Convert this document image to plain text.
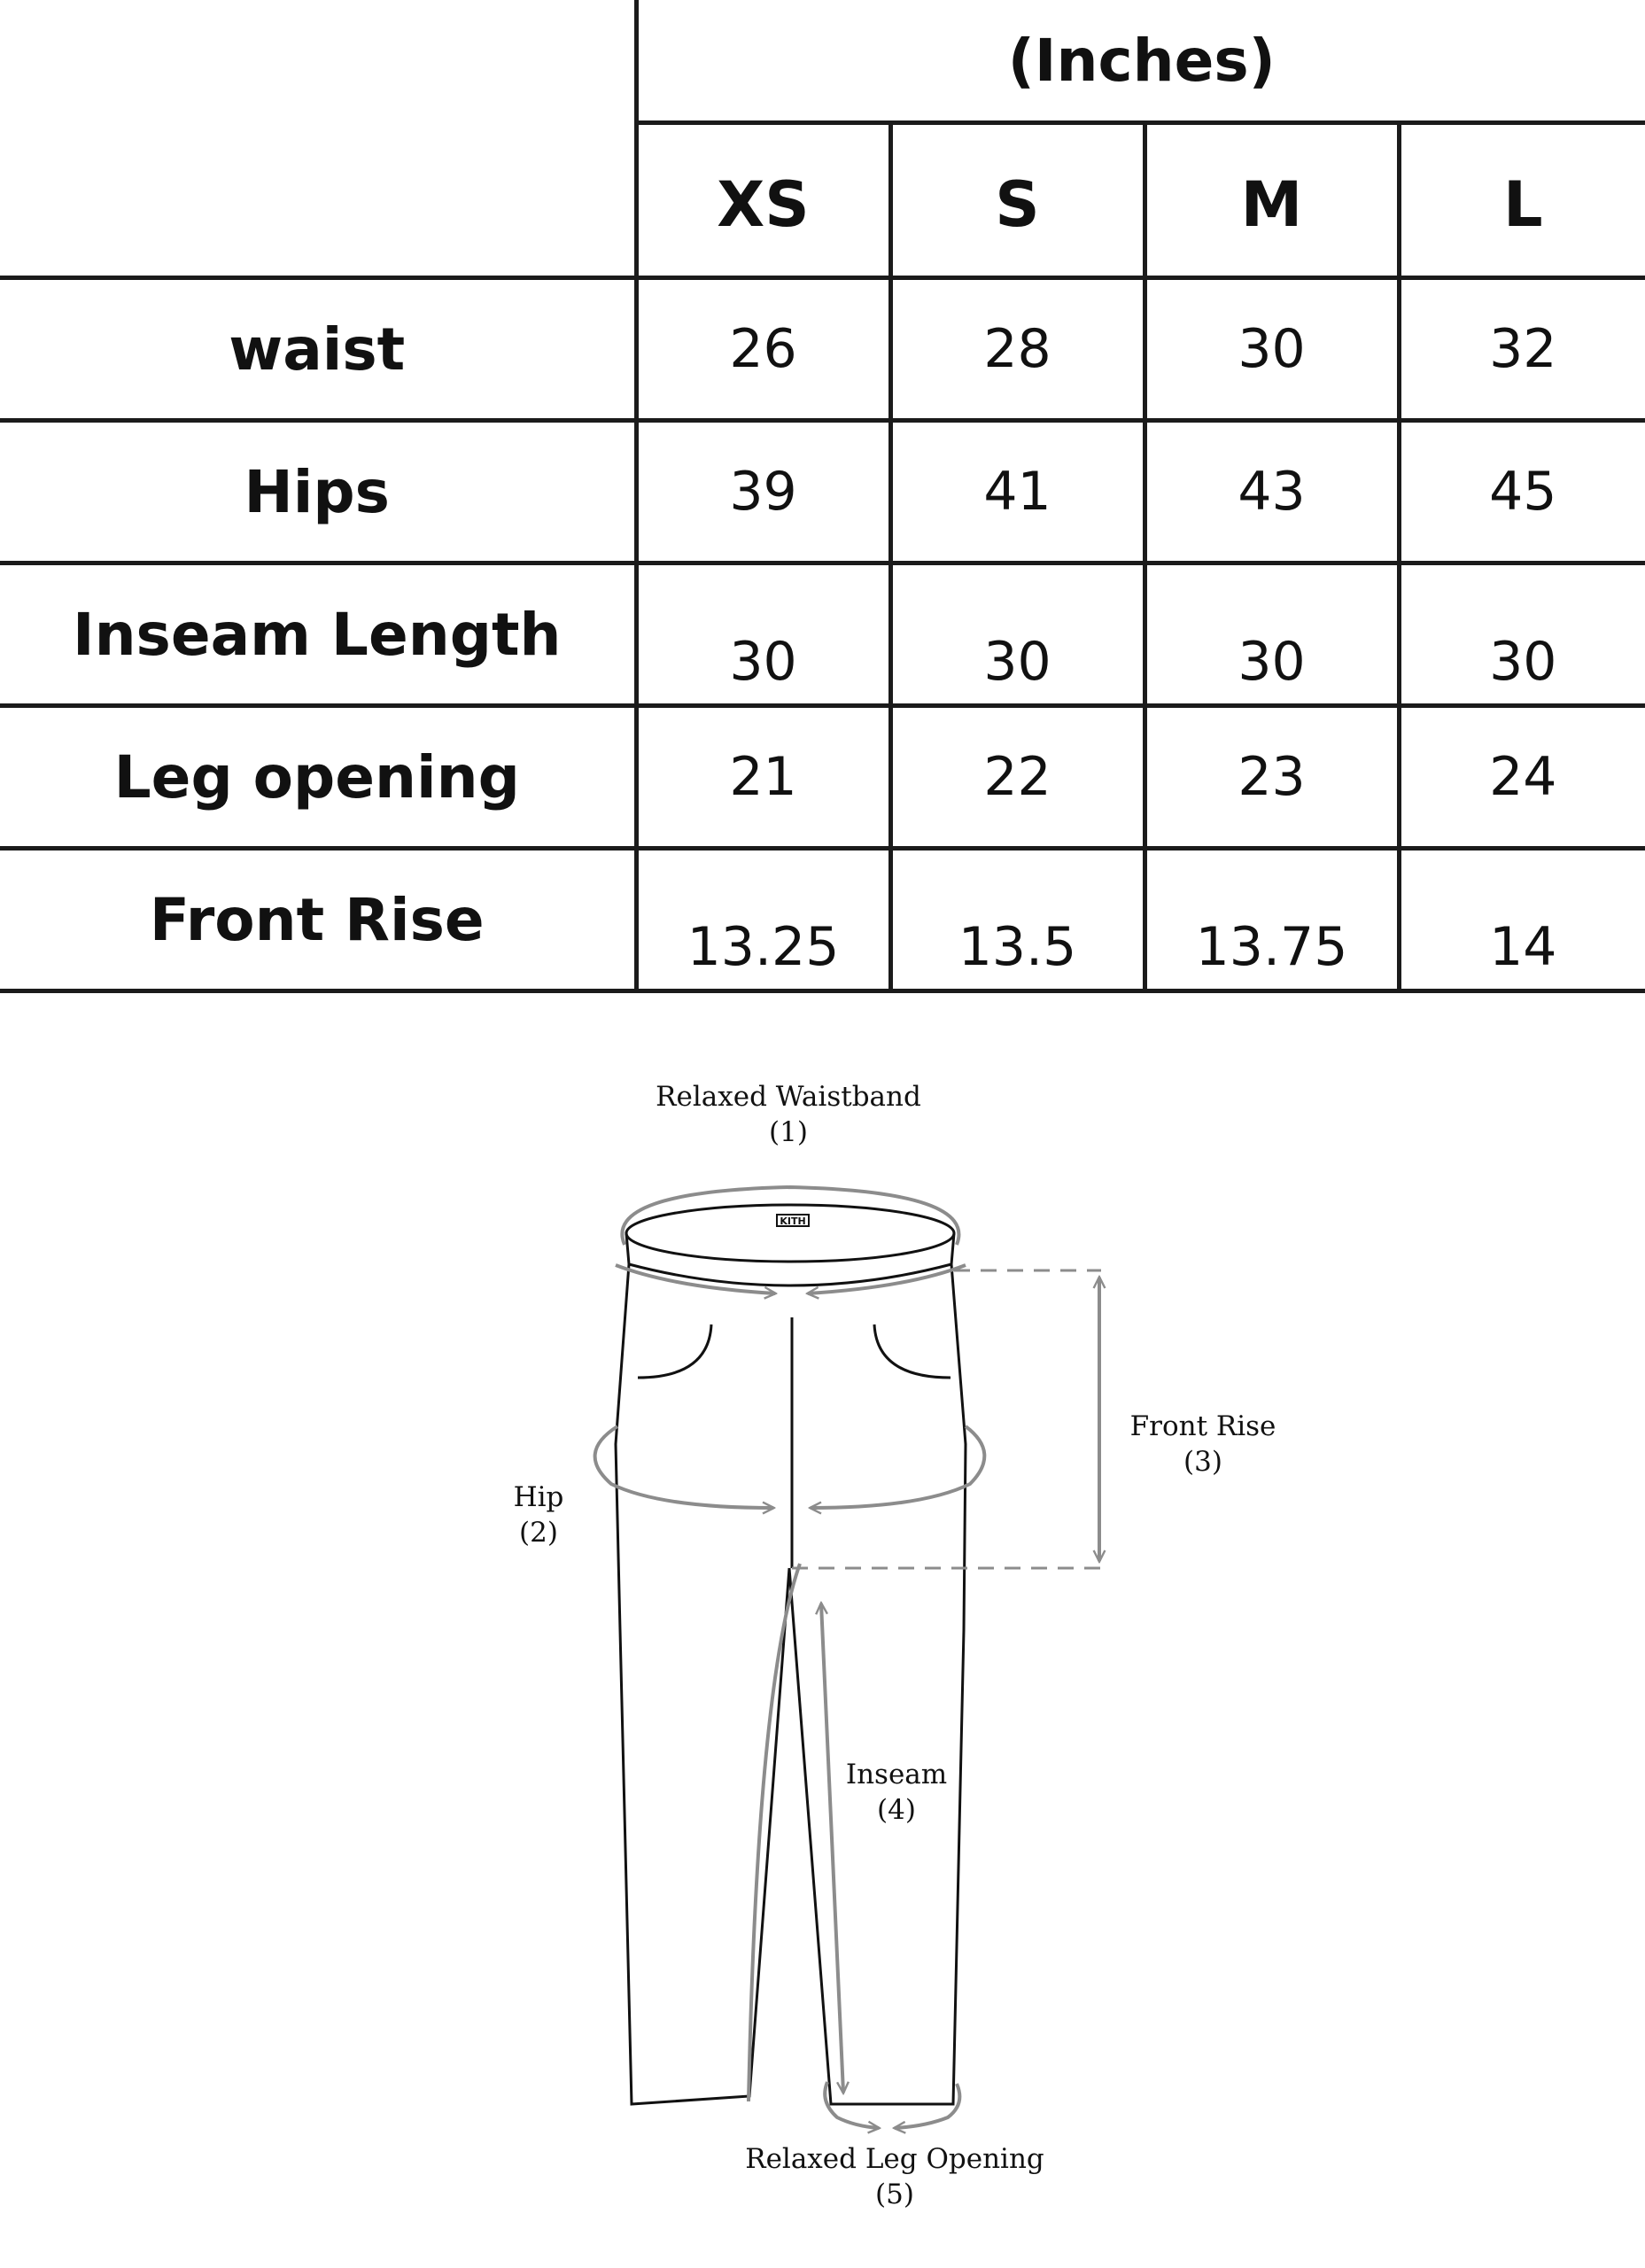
	(Inches)			
	XS	S	M	L
waist	26	28	30	32
Hips	39	41	43	45
Inseam Length	30	30	30	30
Leg opening	21	22	23	24
Front Rise	13.25	13.5	13.75	14
KITH
Relaxed Waistband
(1)
Hip
(2)
Front Rise
(3)
Inseam
(4)
Relaxed Leg Opening
(5)
